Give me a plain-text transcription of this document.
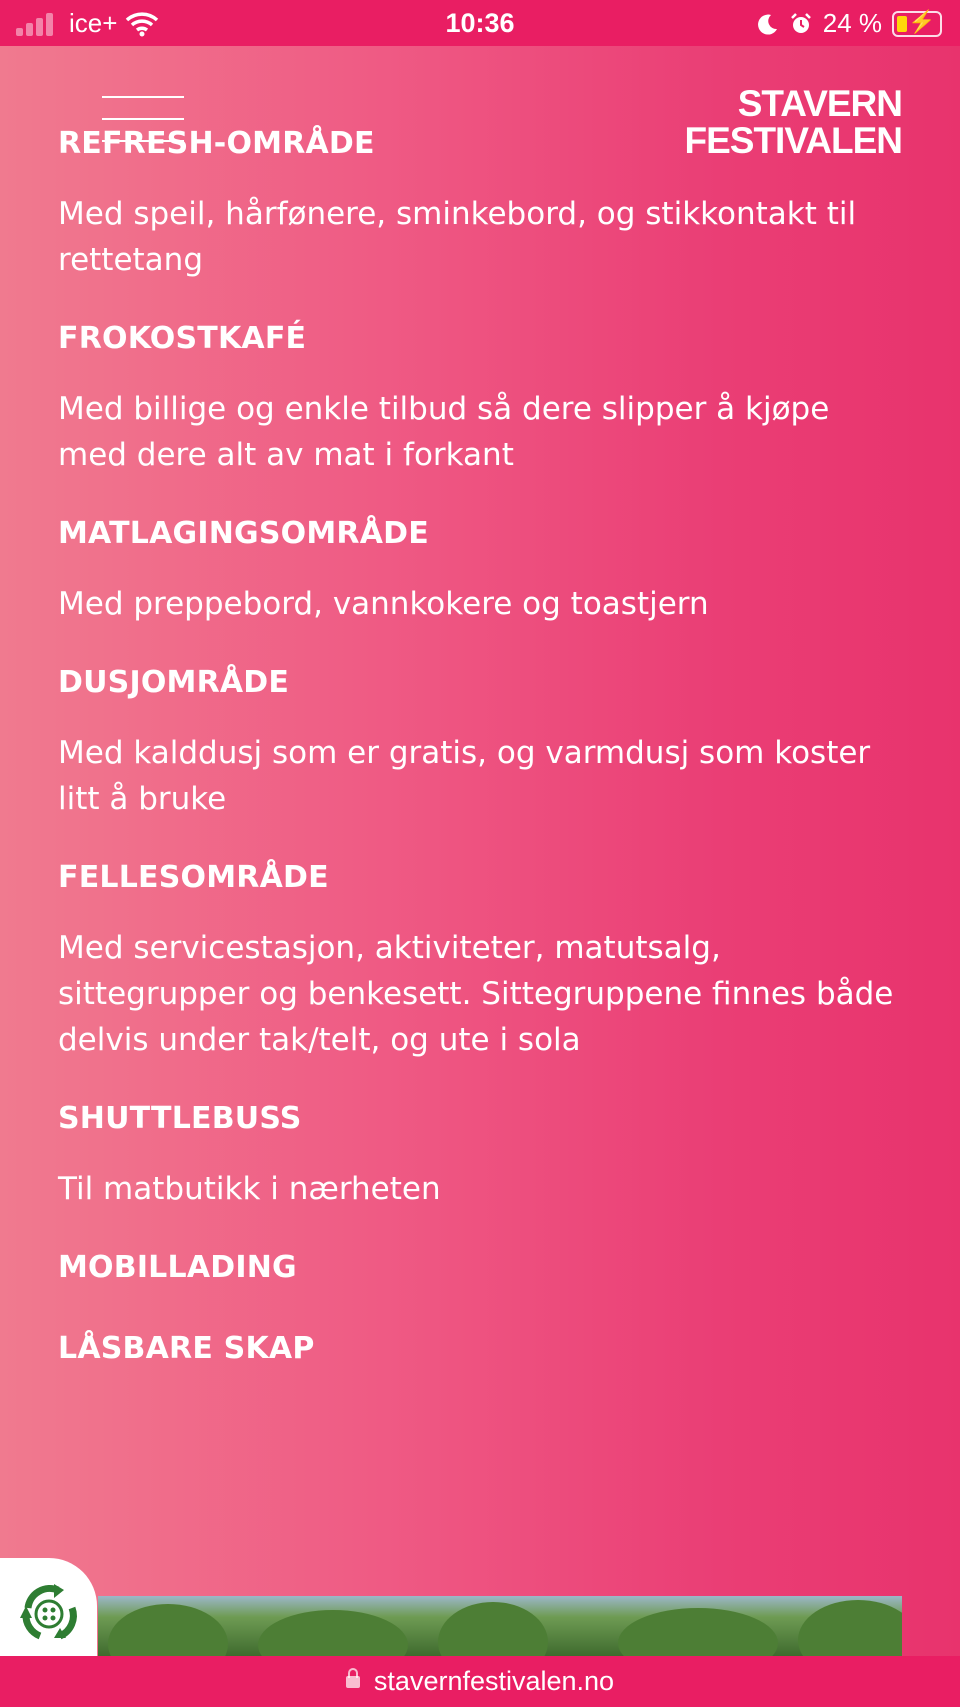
ice+	10:36	24 % ⚡
STAVERN
FESTIVALEN
REFRESH-OMRÅDE

Med speil, hårfønere, sminkebord, og stikkontakt til rettetang

FROKOSTKAFÉ

Med billige og enkle tilbud så dere slipper å kjøpe med dere alt av mat i forkant

MATLAGINGSOMRÅDE

Med preppebord, vannkokere og toastjern

DUSJOMRÅDE

Med kalddusj som er gratis, og varmdusj som koster litt å bruke

FELLESOMRÅDE

Med servicestasjon, aktiviteter, matutsalg, sittegrupper og benkesett. Sittegruppene finnes både delvis under tak/telt, og ute i sola

SHUTTLEBUSS

Til matbutikk i nærheten

MOBILLADING
LÅSBARE SKAP
stavernfestivalen.no
